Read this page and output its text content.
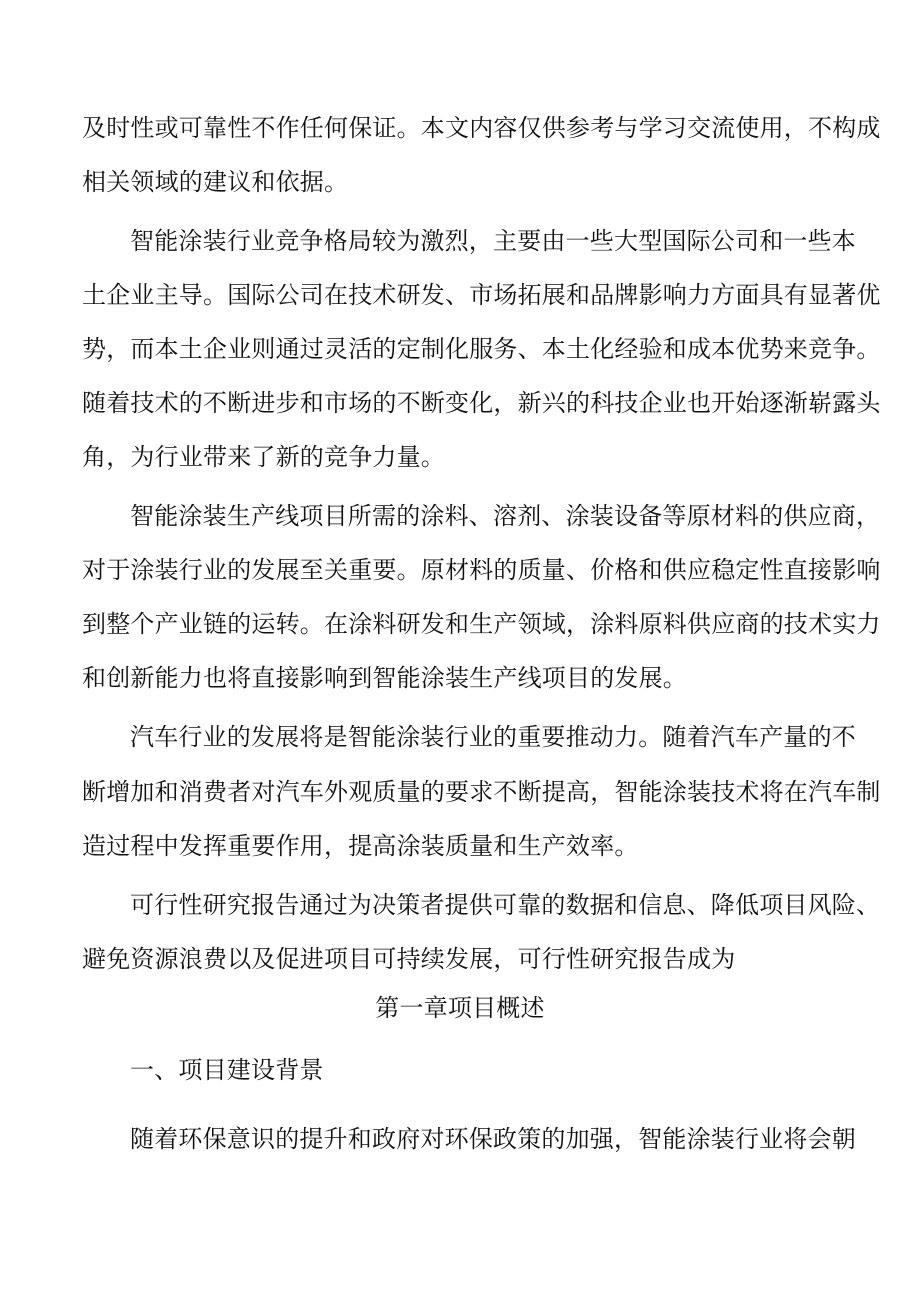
及时性或可靠性不作任何保证。本文内容仅供参考与学习交流使用，不构成
相关领域的建议和依据。
智能涂装行业竞争格局较为激烈，主要由一些大型国际公司和一些本
土企业主导。国际公司在技术研发、市场拓展和品牌影响力方面具有显著优
势，而本土企业则通过灵活的定制化服务、本土化经验和成本优势来竞争。
随着技术的不断进步和市场的不断变化，新兴的科技企业也开始逐渐崭露头
角，为行业带来了新的竞争力量。
智能涂装生产线项目所需的涂料、溶剂、涂装设备等原材料的供应商，
对于涂装行业的发展至关重要。原材料的质量、价格和供应稳定性直接影响
到整个产业链的运转。在涂料研发和生产领域，涂料原料供应商的技术实力
和创新能力也将直接影响到智能涂装生产线项目的发展。
汽车行业的发展将是智能涂装行业的重要推动力。随着汽车产量的不
断增加和消费者对汽车外观质量的要求不断提高，智能涂装技术将在汽车制
造过程中发挥重要作用，提高涂装质量和生产效率。
可行性研究报告通过为决策者提供可靠的数据和信息、降低项目风险、
避免资源浪费以及促进项目可持续发展，可行性研究报告成为
第一章项目概述
一、项目建设背景
随着环保意识的提升和政府对环保政策的加强，智能涂装行业将会朝
